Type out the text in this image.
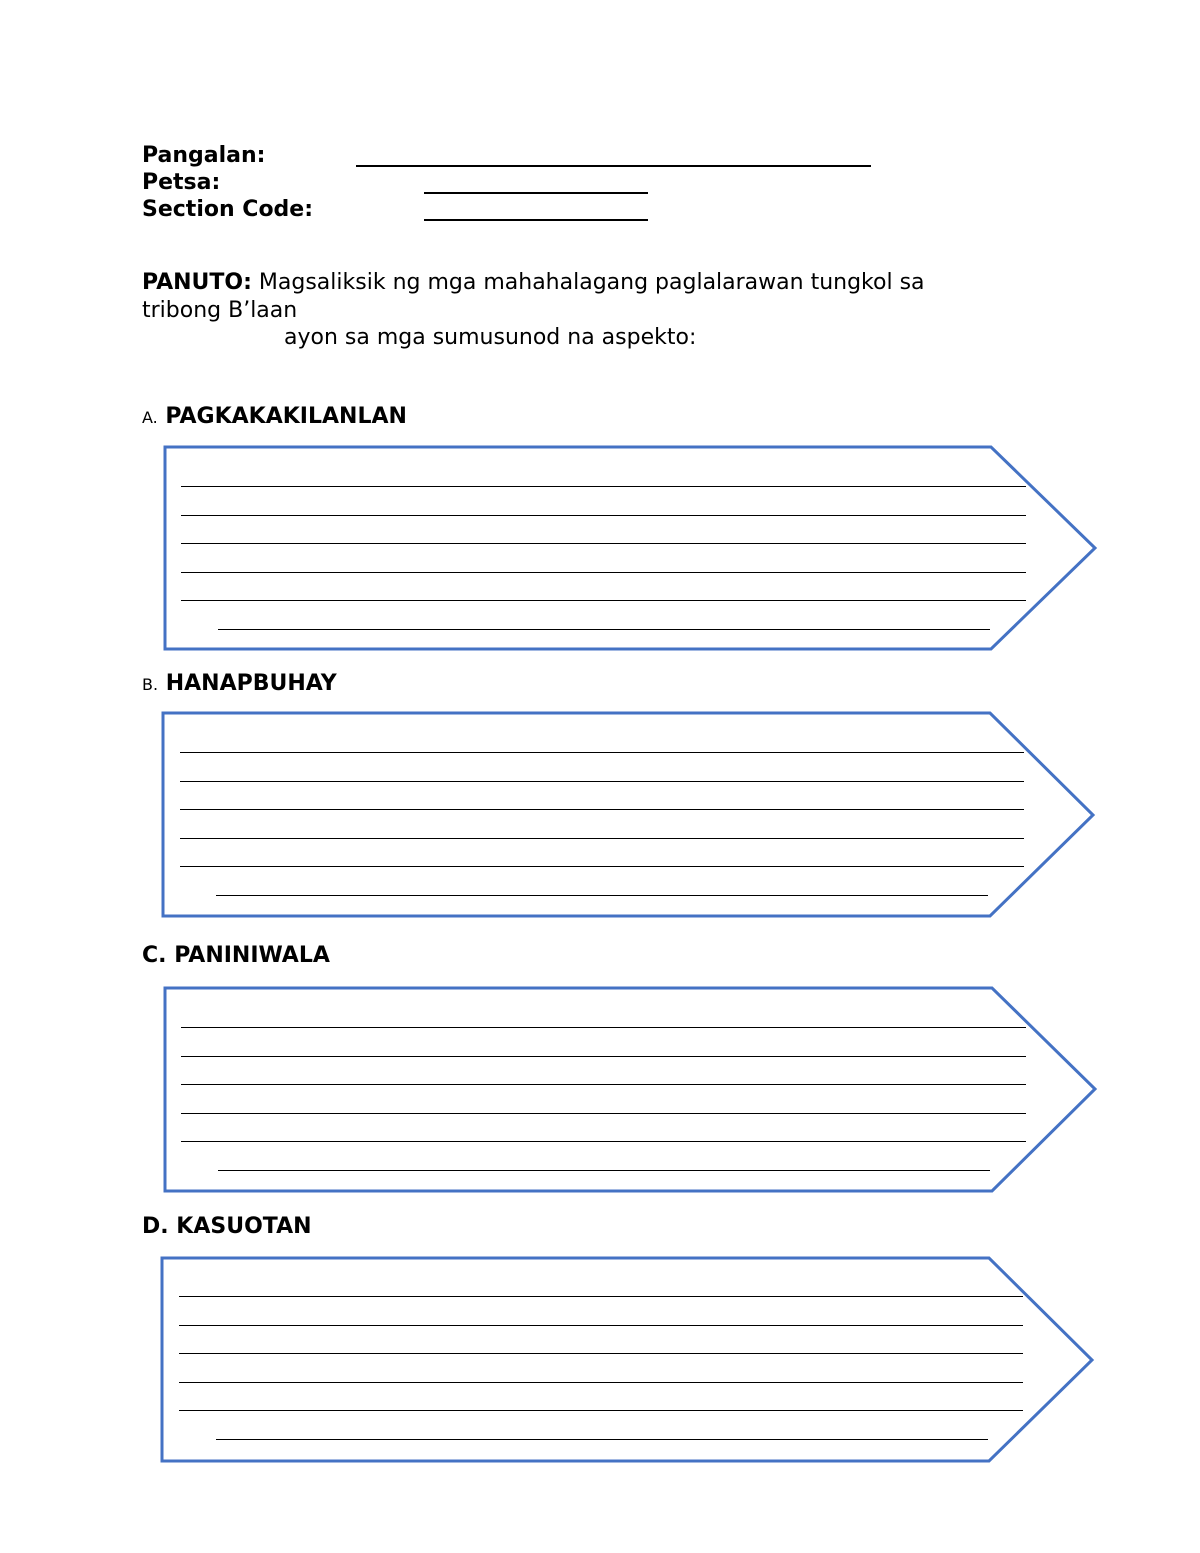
Pangalan:
Petsa:
Section Code:
PANUTO: Magsaliksik ng mga mahahalagang paglalarawan tungkol sa
tribong B’laan
ayon sa mga sumusunod na aspekto:
A. PAGKAKAKILANLAN
B. HANAPBUHAY
C. PANINIWALA
D. KASUOTAN
